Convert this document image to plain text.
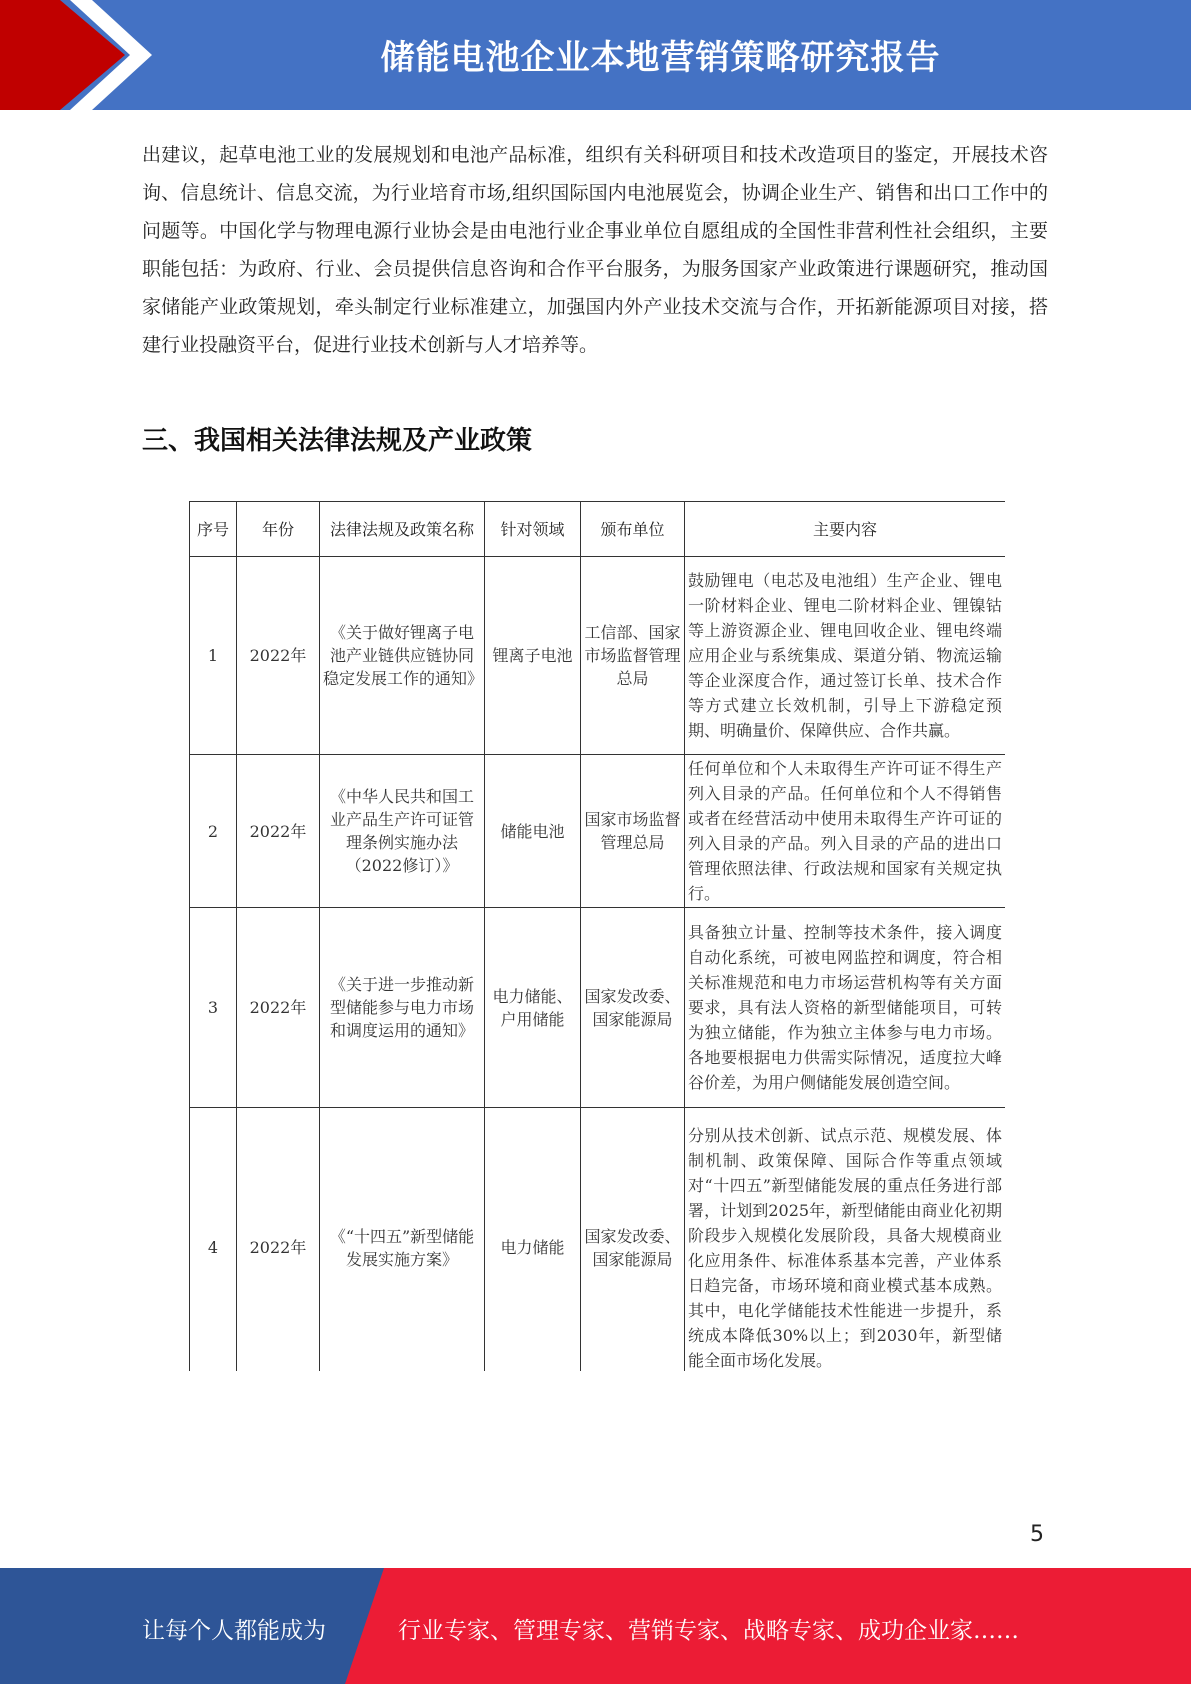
储能电池企业本地营销策略研究报告

出建议，起草电池工业的发展规划和电池产品标准，组织有关科研项目和技术改造项目的鉴定，开展技术咨询、信息统计、信息交流，为行业培育市场,组织国际国内电池展览会，协调企业生产、销售和出口工作中的问题等。中国化学与物理电源行业协会是由电池行业企事业单位自愿组成的全国性非营利性社会组织，主要职能包括：为政府、行业、会员提供信息咨询和合作平台服务，为服务国家产业政策进行课题研究，推动国家储能产业政策规划，牵头制定行业标准建立，加强国内外产业技术交流与合作，开拓新能源项目对接，搭建行业投融资平台，促进行业技术创新与人才培养等。

三、我国相关法律法规及产业政策
序号	年份	法律法规及政策名称	针对领域	颁布单位	主要内容
1	2022年	《关于做好锂离子电池产业链供应链协同稳定发展工作的通知》	锂离子电池	工信部、国家市场监督管理总局	鼓励锂电（电芯及电池组）生产企业、锂电一阶材料企业、锂电二阶材料企业、锂镍钴等上游资源企业、锂电回收企业、锂电终端应用企业与系统集成、渠道分销、物流运输等企业深度合作，通过签订长单、技术合作等方式建立长效机制，引导上下游稳定预期、明确量价、保障供应、合作共赢。
2	2022年	《中华人民共和国工业产品生产许可证管理条例实施办法（2022修订）》	储能电池	国家市场监督管理总局	任何单位和个人未取得生产许可证不得生产列入目录的产品。任何单位和个人不得销售或者在经营活动中使用未取得生产许可证的列入目录的产品。列入目录的产品的进出口管理依照法律、行政法规和国家有关规定执行。
3	2022年	《关于进一步推动新型储能参与电力市场和调度运用的通知》	电力储能、户用储能	国家发改委、国家能源局	具备独立计量、控制等技术条件，接入调度自动化系统，可被电网监控和调度，符合相关标准规范和电力市场运营机构等有关方面要求，具有法人资格的新型储能项目，可转为独立储能，作为独立主体参与电力市场。各地要根据电力供需实际情况，适度拉大峰谷价差，为用户侧储能发展创造空间。
4	2022年	《“十四五”新型储能发展实施方案》	电力储能	国家发改委、国家能源局	分别从技术创新、试点示范、规模发展、体制机制、政策保障、国际合作等重点领域对“十四五”新型储能发展的重点任务进行部署，计划到2025年，新型储能由商业化初期阶段步入规模化发展阶段，具备大规模商业化应用条件、标准体系基本完善，产业体系日趋完备，市场环境和商业模式基本成熟。其中，电化学储能技术性能进一步提升，系统成本降低30%以上；到2030年，新型储能全面市场化发展。

5
让每个人都能成为	行业专家、管理专家、营销专家、战略专家、成功企业家……
